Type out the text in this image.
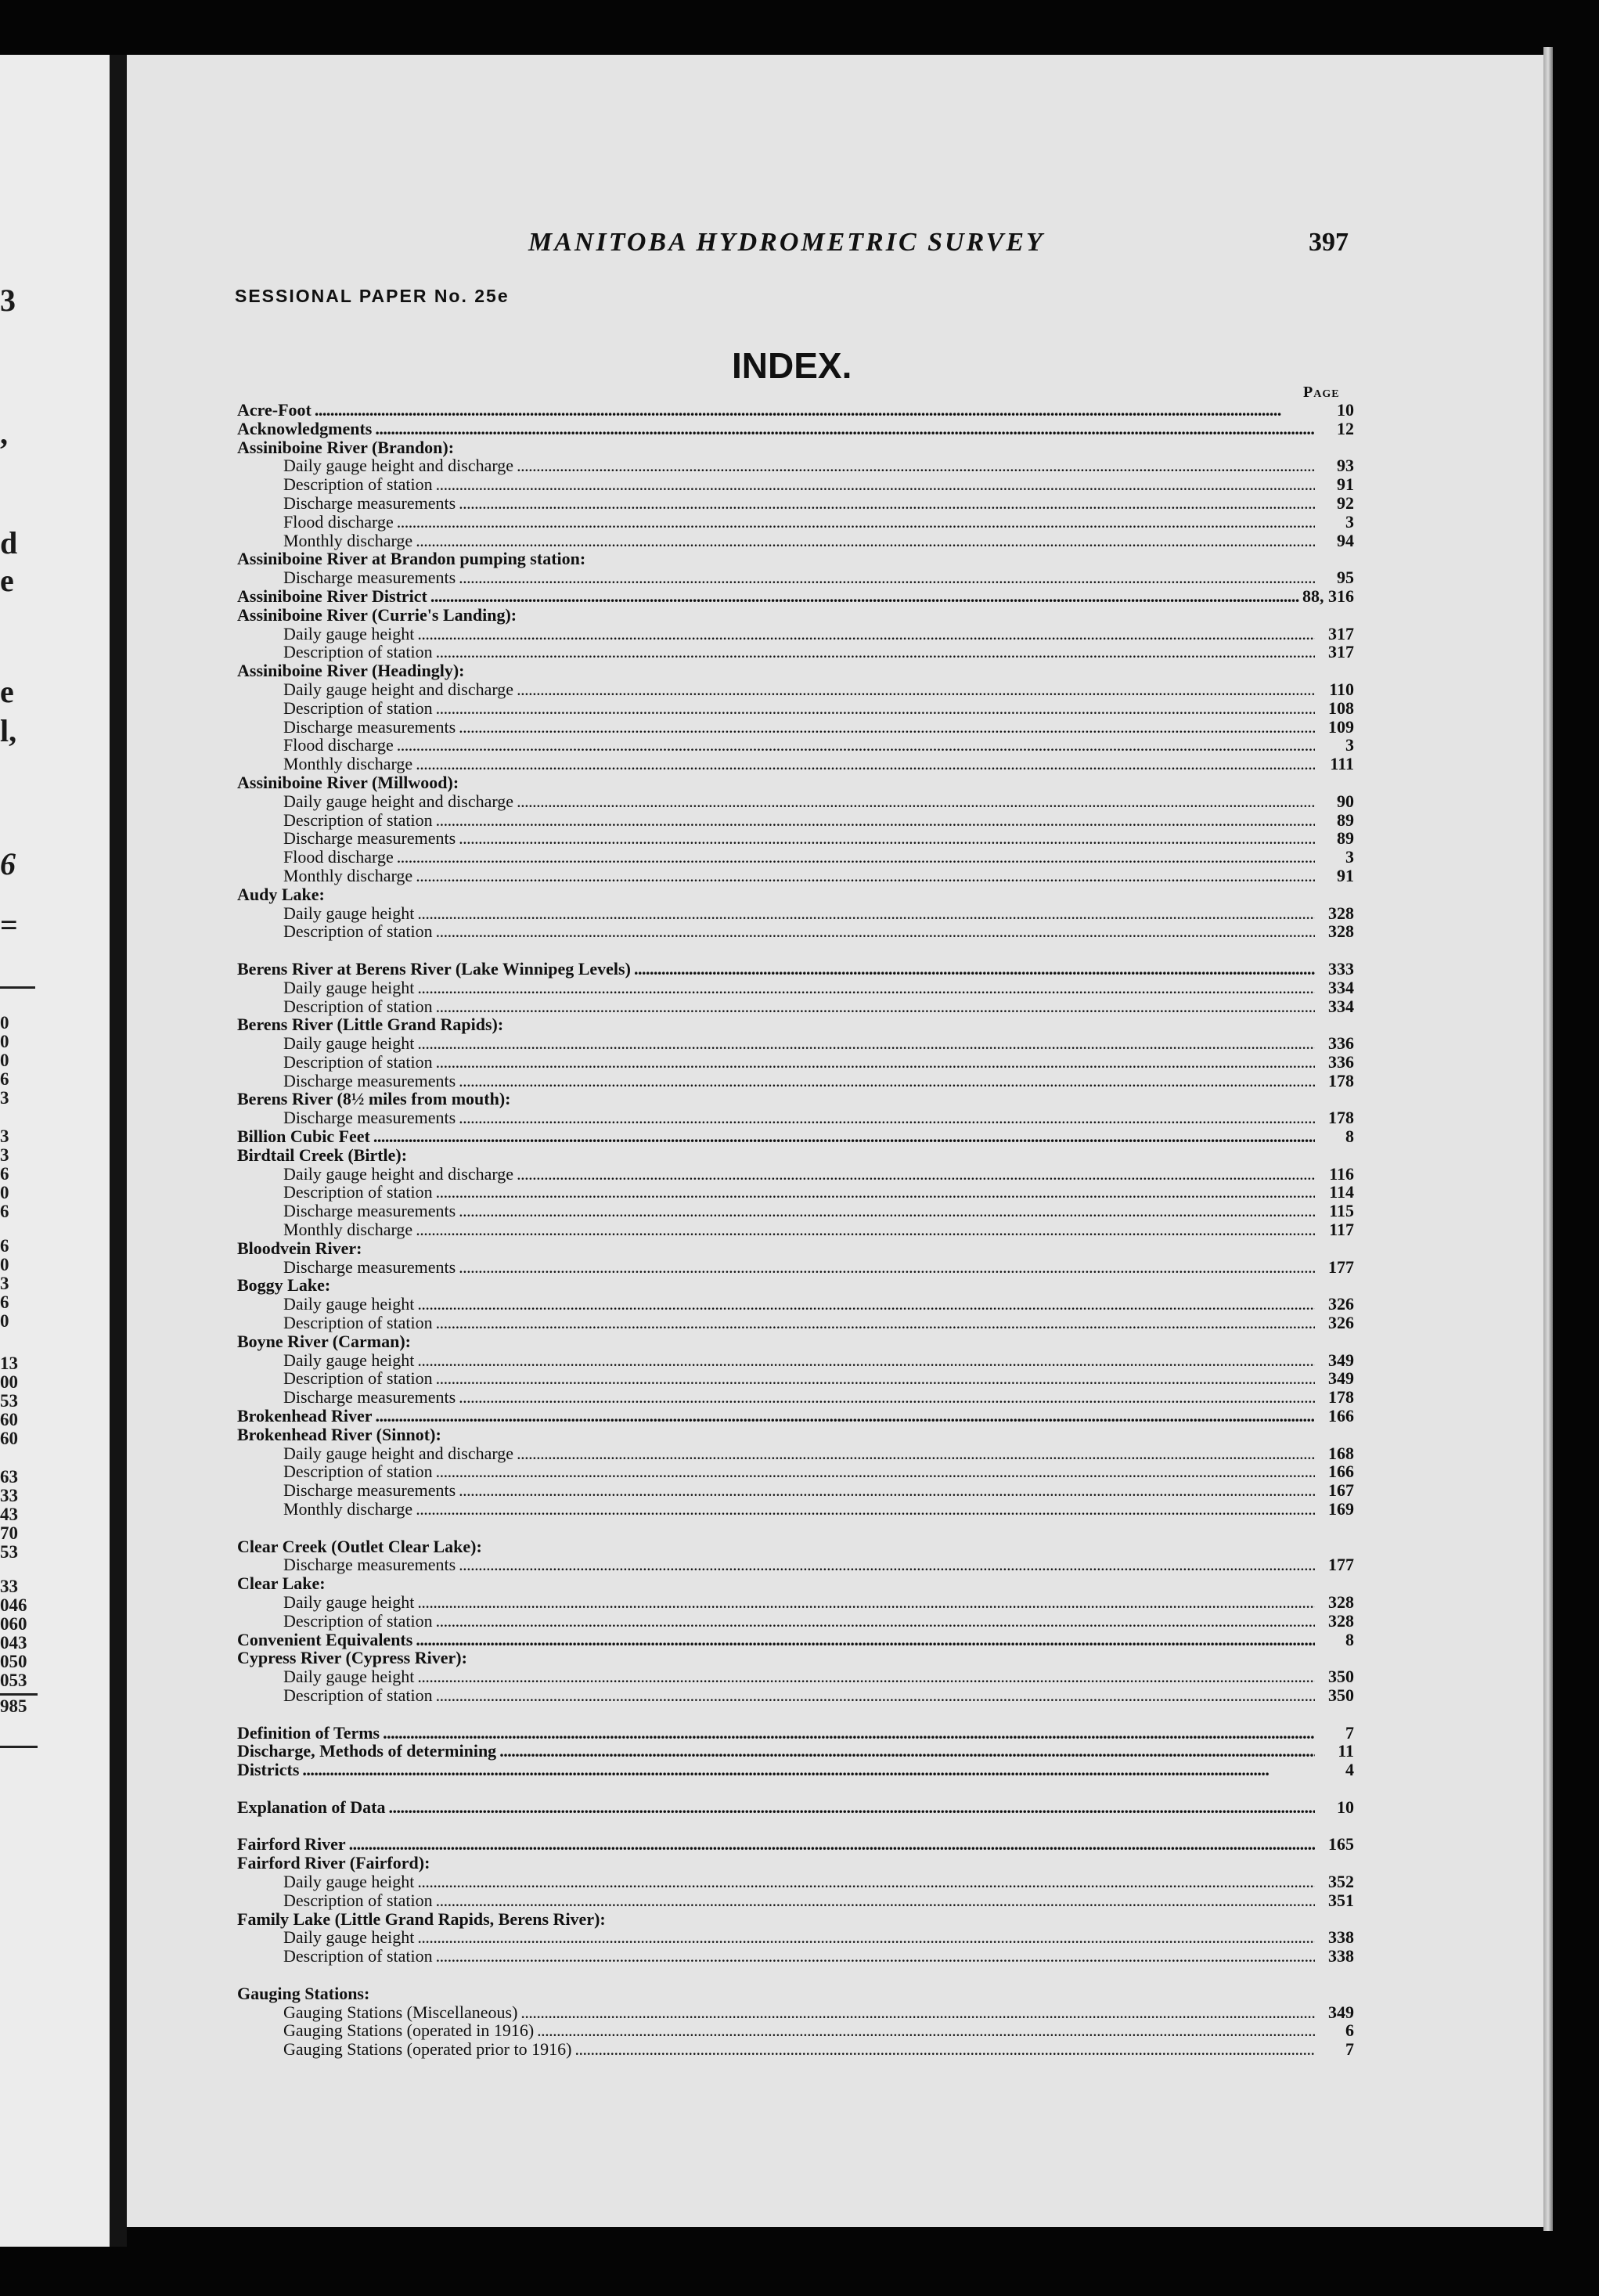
3
,
d
e
e
l,
6
=
0
0
0
6
3
3
3
6
0
6
6
0
3
6
0
13
00
53
60
60
63
33
43
70
53
33
046
060
043
050
053
985
MANITOBA HYDROMETRIC SURVEY	397
SESSIONAL PAPER No. 25e
INDEX.
Page
Acre-Foot . . .	10
Acknowledgments . . .	12
Assiniboine River (Brandon):
Daily gauge height and discharge . . .	93
Description of station . . .	91
Discharge measurements . . .	92
Flood discharge . . .	3
Monthly discharge . . .	94
Assiniboine River at Brandon pumping station:
Discharge measurements . . .	95
Assiniboine River District . . .	88, 316
Assiniboine River (Currie's Landing):
Daily gauge height . . .	317
Description of station . . .	317
Assiniboine River (Headingly):
Daily gauge height and discharge . . .	110
Description of station . . .	108
Discharge measurements . . .	109
Flood discharge . . .	3
Monthly discharge . . .	111
Assiniboine River (Millwood):
Daily gauge height and discharge . . .	90
Description of station . . .	89
Discharge measurements . . .	89
Flood discharge . . .	3
Monthly discharge . . .	91
Audy Lake:
Daily gauge height . . .	328
Description of station . . .	328
Berens River at Berens River (Lake Winnipeg Levels) . . .	333
Daily gauge height . . .	334
Description of station . . .	334
Berens River (Little Grand Rapids):
Daily gauge height . . .	336
Description of station . . .	336
Discharge measurements . . .	178
Berens River (8½ miles from mouth):
Discharge measurements . . .	178
Billion Cubic Feet . . .	8
Birdtail Creek (Birtle):
Daily gauge height and discharge . . .	116
Description of station . . .	114
Discharge measurements . . .	115
Monthly discharge . . .	117
Bloodvein River:
Discharge measurements . . .	177
Boggy Lake:
Daily gauge height . . .	326
Description of station . . .	326
Boyne River (Carman):
Daily gauge height . . .	349
Description of station . . .	349
Discharge measurements . . .	178
Brokenhead River . . .	166
Brokenhead River (Sinnot):
Daily gauge height and discharge . . .	168
Description of station . . .	166
Discharge measurements . . .	167
Monthly discharge . . .	169
Clear Creek (Outlet Clear Lake):
Discharge measurements . . .	177
Clear Lake:
Daily gauge height . . .	328
Description of station . . .	328
Convenient Equivalents . . .	8
Cypress River (Cypress River):
Daily gauge height . . .	350
Description of station . . .	350
Definition of Terms . . .	7
Discharge, Methods of determining . . .	11
Districts . . .	4
Explanation of Data . . .	10
Fairford River . . .	165
Fairford River (Fairford):
Daily gauge height . . .	352
Description of station . . .	351
Family Lake (Little Grand Rapids, Berens River):
Daily gauge height . . .	338
Description of station . . .	338
Gauging Stations:
Gauging Stations (Miscellaneous) . . .	349
Gauging Stations (operated in 1916) . . .	6
Gauging Stations (operated prior to 1916) . . .	7
